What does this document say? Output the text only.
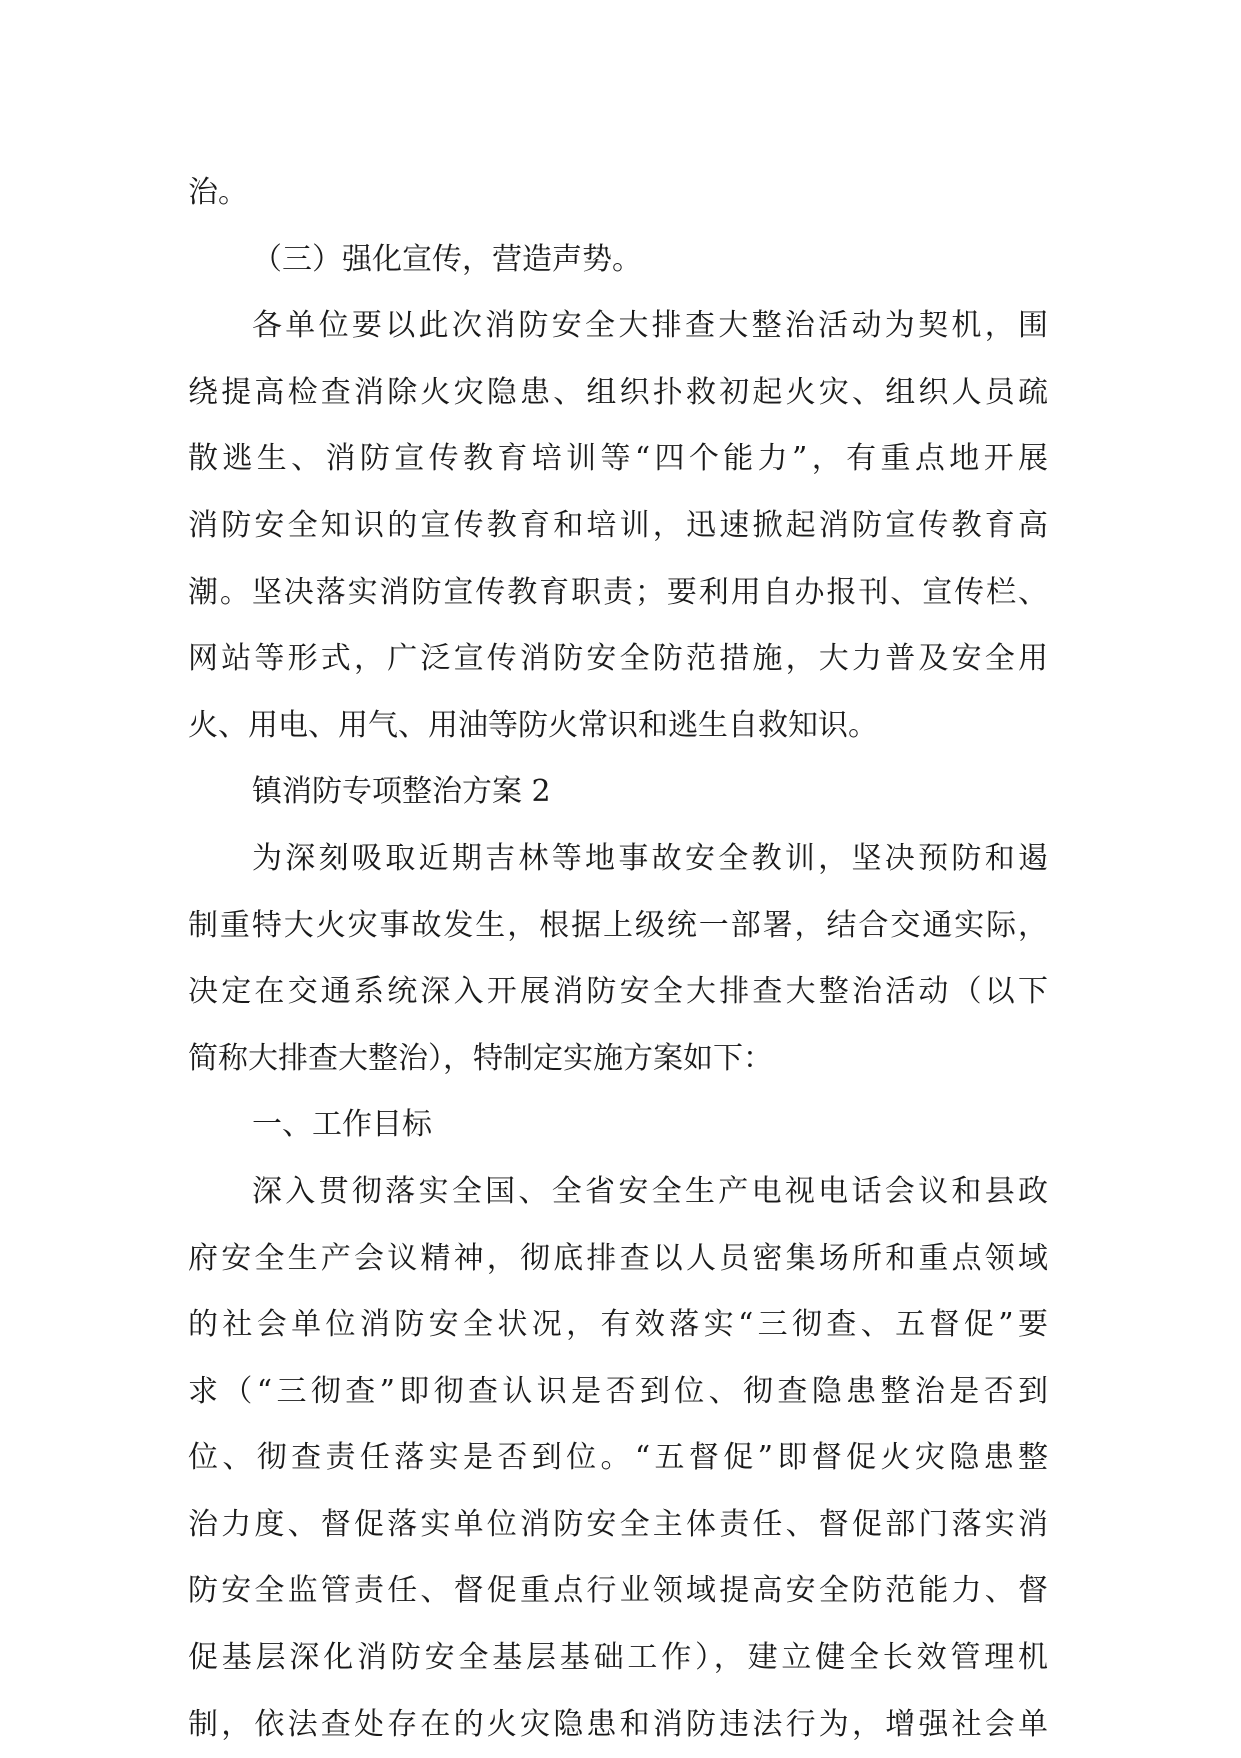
治。
（三）强化宣传，营造声势。
各单位要以此次消防安全大排查大整治活动为契机，围
绕提高检查消除火灾隐患、组织扑救初起火灾、组织人员疏
散逃生、消防宣传教育培训等“四个能力”，有重点地开展
消防安全知识的宣传教育和培训，迅速掀起消防宣传教育高
潮。坚决落实消防宣传教育职责；要利用自办报刊、宣传栏、
网站等形式，广泛宣传消防安全防范措施，大力普及安全用
火、用电、用气、用油等防火常识和逃生自救知识。
镇消防专项整治方案 2
为深刻吸取近期吉林等地事故安全教训，坚决预防和遏
制重特大火灾事故发生，根据上级统一部署，结合交通实际，
决定在交通系统深入开展消防安全大排查大整治活动（以下
简称大排查大整治），特制定实施方案如下：
一、工作目标
深入贯彻落实全国、全省安全生产电视电话会议和县政
府安全生产会议精神，彻底排查以人员密集场所和重点领域
的社会单位消防安全状况，有效落实“三彻查、五督促”要
求（“三彻查”即彻查认识是否到位、彻查隐患整治是否到
位、彻查责任落实是否到位。“五督促”即督促火灾隐患整
治力度、督促落实单位消防安全主体责任、督促部门落实消
防安全监管责任、督促重点行业领域提高安全防范能力、督
促基层深化消防安全基层基础工作），建立健全长效管理机
制，依法查处存在的火灾隐患和消防违法行为，增强社会单
